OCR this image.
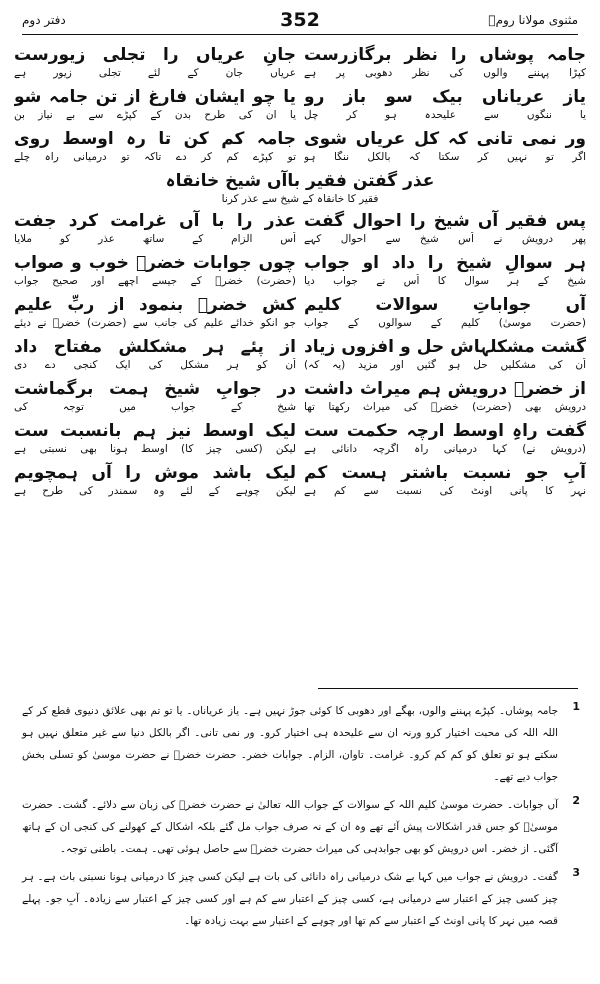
دفتر دوم	352	مثنوی مولانا رومؒ
جامہ پوشاں را نظر برگازرست
کپڑا پہننے والوں کی نظر دھوبی پر ہے
جانِ عریاں را تجلی زیورست
عریاں جان کے لئے تجلی زیور ہے
یاز عریاناں بیک سو باز رو
یا ننگوں سے علیحدہ ہو کر چل
یا چو ایشان فارغ از تن جامہ شو
یا ان کی طرح بدن کے کپڑے سے بے نیاز بن
ور نمی تانی کہ کل عریاں شوی
اگر تو نہیں کر سکتا کہ بالکل ننگا ہو
جامہ کم کن تا رہ اوسط روی
تو کپڑے کم کر دے تاکہ تو درمیانی راہ چلے
عذر گفتن فقیر باآں شیخ خانقاہ
فقیر کا خانقاہ کے شیخ سے عذر کرنا
پس فقیر آں شیخ را احوال گفت
پھر درویش نے اُس شیخ سے احوال کہے
عذر را با آں غرامت کرد جفت
اُس الزام کے ساتھ عذر کو ملایا
ہر سوالِ شیخ را داد او جواب
شیخ کے ہر سوال کا اُس نے جواب دیا
چوں جوابات خضرؑ خوب و صواب
(حضرت) خضرؑ کے جیسے اچھے اور صحیح جواب
آں جواباتِ سوالات کلیم
(حضرت موسیٰ) کلیم کے سوالوں کے جواب
کش خضرؑ بنمود از ربِّ علیم
جو انکو خدائے علیم کی جانب سے (حضرت) خضرؑ نے دیئے
گشت مشکلہاش حل و افزوں زیاد
اُن کی مشکلیں حل ہو گئیں اور مزید (یہ کہ)
از پئے ہر مشکلش مفتاح داد
اُن کو ہر مشکل کی ایک کنجی دے دی
از خضرؑ درویش ہم میراث داشت
درویش بھی (حضرت) خضرؑ کی میراث رکھتا تھا
در جوابِ شیخ ہمت برگماشت
شیخ کے جواب میں توجہ کی
گفت راہِ اوسط ارچہ حکمت ست
(درویش نے) کہا درمیانی راہ اگرچہ دانائی ہے
لیک اوسط نیز ہم بانسبت ست
لیکن (کسی چیز کا) اوسط ہونا بھی نسبتی ہے
آبِ جو نسبت باشتر ہست کم
نہر کا پانی اونٹ کی نسبت سے کم ہے
لیک باشد موش را آں ہمچویم
لیکن چوہے کے لئے وہ سمندر کی طرح ہے
1
جامہ پوشاں۔ کپڑے پہننے والوں، بھگے اور دھوبی کا کوئی جوڑ نہیں ہے۔ یاز عریاناں۔ یا تو تم بھی علائق دنیوی قطع کر کے اللہ اللہ کی محبت اختیار کرو ورنہ ان سے علیحدہ ہی اختیار کرو۔ ور نمی تانی۔ اگر بالکل دنیا سے غیر متعلق نہیں ہو سکتے ہو تو تعلق کو کم کم کرو۔ غرامت۔ تاوان، الزام۔ جوابات خضر۔ حضرت خضرؑ نے حضرت موسیٰ کو تسلی بخش جواب دیے تھے۔
2
آں جوابات۔ حضرت موسیٰ کلیم اللہ کے سوالات کے جواب اللہ تعالیٰ نے حضرت خضرؑ کی زبان سے دلائے۔ گشت۔ حضرت موسیٰؑ کو جس قدر اشکالات پیش آئے تھے وہ ان کے نہ صرف جواب مل گئے بلکہ اشکال کے کھولنے کی کنجی ان کے ہاتھ آگئی۔ از خضر۔ اس درویش کو بھی جوابدہی کی میراث حضرت خضرؑ سے حاصل ہوئی تھی۔ ہمت۔ باطنی توجہ۔
3
گفت۔ درویش نے جواب میں کہا بے شک درمیانی راہ دانائی کی بات ہے لیکن کسی چیز کا درمیانی ہونا نسبتی بات ہے۔ ہر چیز کسی چیز کے اعتبار سے درمیانی ہے، کسی چیز کے اعتبار سے کم ہے اور کسی چیز کے اعتبار سے زیادہ۔ آبِ جو۔ پہلے قصہ میں نہر کا پانی اونٹ کے اعتبار سے کم تھا اور چوہے کے اعتبار سے بہت زیادہ تھا۔
